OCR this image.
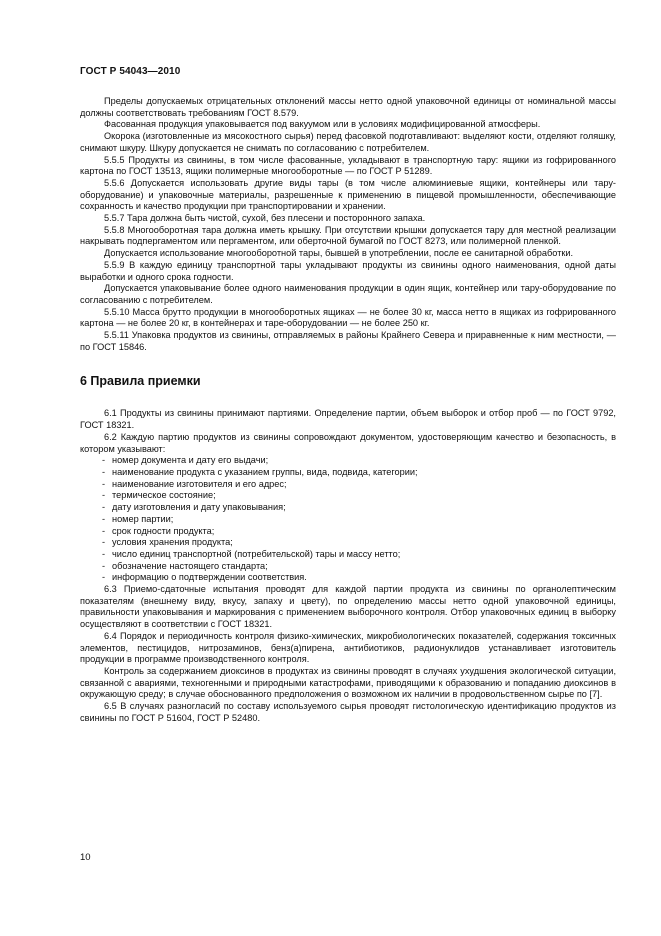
ГОСТ Р 54043—2010

Пределы допускаемых отрицательных отклонений массы нетто одной упаковочной единицы от номинальной массы должны соответствовать требованиям ГОСТ 8.579.

Фасованная продукция упаковывается под вакуумом или в условиях модифицированной атмосферы.

Окорока (изготовленные из мясокостного сырья) перед фасовкой подготавливают: выделяют кости, отделяют голяшку, снимают шкуру. Шкуру допускается не снимать по согласованию с потребителем.

5.5.5 Продукты из свинины, в том числе фасованные, укладывают в транспортную тару: ящики из гофрированного картона по ГОСТ 13513, ящики полимерные многооборотные — по ГОСТ Р 51289.

5.5.6 Допускается использовать другие виды тары (в том числе алюминиевые ящики, контейнеры или тару-оборудование) и упаковочные материалы, разрешенные к применению в пищевой промышленности, обеспечивающие сохранность и качество продукции при транспортировании и хранении.

5.5.7 Тара должна быть чистой, сухой, без плесени и посторонного запаха.

5.5.8 Многооборотная тара должна иметь крышку. При отсутствии крышки допускается тару для местной реализации накрывать подпергаментом или пергаментом, или оберточной бумагой по ГОСТ 8273, или полимерной пленкой.

Допускается использование многооборотной тары, бывшей в употреблении, после ее санитарной обработки.

5.5.9 В каждую единицу транспортной тары укладывают продукты из свинины одного наименования, одной даты выработки и одного срока годности.

Допускается упаковывание более одного наименования продукции в один ящик, контейнер или тару-оборудование по согласованию с потребителем.

5.5.10 Масса брутто продукции в многооборотных ящиках — не более 30 кг, масса нетто в ящиках из гофрированного картона — не более 20 кг, в контейнерах и таре-оборудовании — не более 250 кг.

5.5.11 Упаковка продуктов из свинины, отправляемых в районы Крайнего Севера и приравненные к ним местности, — по ГОСТ 15846.

6 Правила приемки

6.1 Продукты из свинины принимают партиями. Определение партии, объем выборок и отбор проб — по ГОСТ 9792, ГОСТ 18321.

6.2 Каждую партию продуктов из свинины сопровождают документом, удостоверяющим качество и безопасность, в котором указывают:

- номер документа и дату его выдачи;
- наименование продукта с указанием группы, вида, подвида, категории;
- наименование изготовителя и его адрес;
- термическое состояние;
- дату изготовления и дату упаковывания;
- номер партии;
- срок годности продукта;
- условия хранения продукта;
- число единиц транспортной (потребительской) тары и массу нетто;
- обозначение настоящего стандарта;
- информацию о подтверждении соответствия.

6.3 Приемо-сдаточные испытания проводят для каждой партии продукта из свинины по органолептическим показателям (внешнему виду, вкусу, запаху и цвету), по определению массы нетто одной упаковочной единицы, правильности упаковывания и маркирования с применением выборочного контроля. Отбор упаковочных единиц в выборку осуществляют в соответствии с ГОСТ 18321.

6.4 Порядок и периодичность контроля физико-химических, микробиологических показателей, содержания токсичных элементов, пестицидов, нитрозаминов, бенз(а)пирена, антибиотиков, радионуклидов устанавливает изготовитель продукции в программе производственного контроля.

Контроль за содержанием диоксинов в продуктах из свинины проводят в случаях ухудшения экологической ситуации, связанной с авариями, техногенными и природными катастрофами, приводящими к образованию и попаданию диоксинов в окружающую среду; в случае обоснованного предположения о возможном их наличии в продовольственном сырье по [7].

6.5 В случаях разногласий по составу используемого сырья проводят гистологическую идентификацию продуктов из свинины по ГОСТ Р 51604, ГОСТ Р 52480.

10
